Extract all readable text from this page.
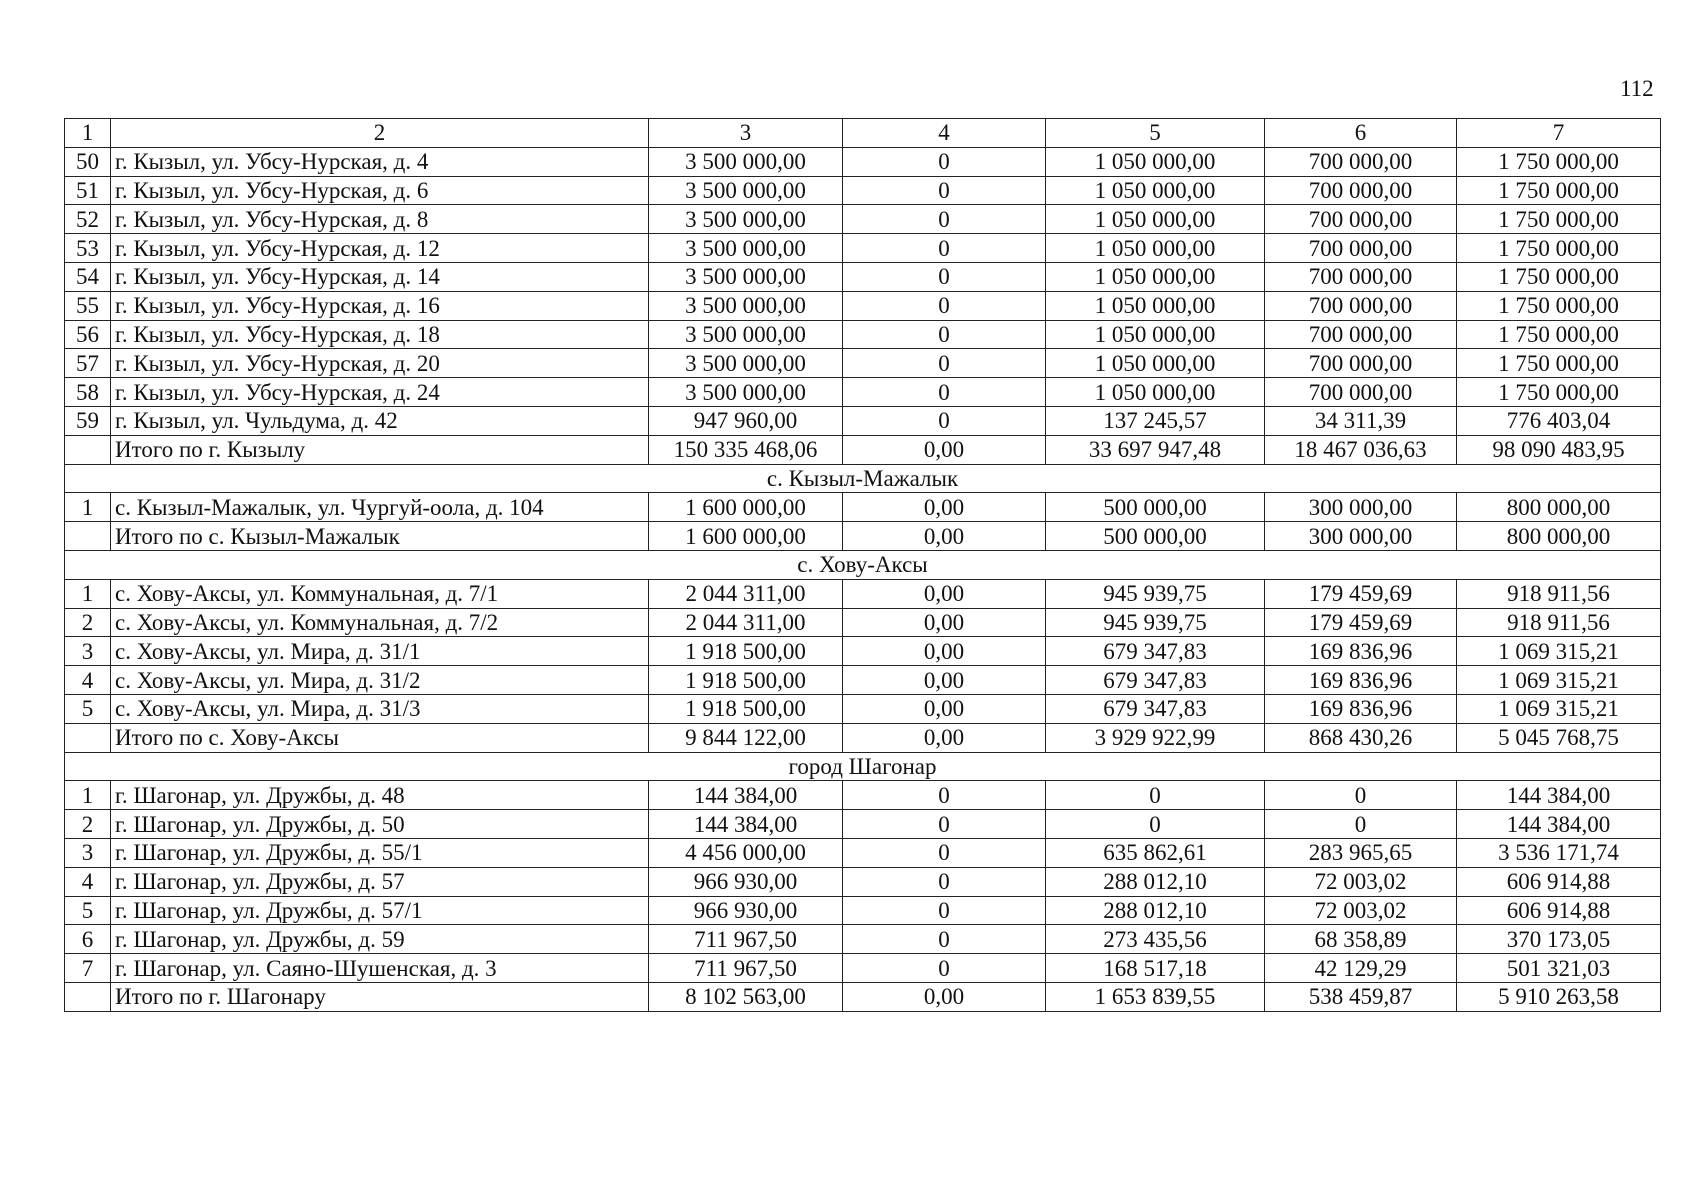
112
1	2	3	4	5	6	7
50	г. Кызыл, ул. Убсу-Нурская, д. 4	3 500 000,00	0	1 050 000,00	700 000,00	1 750 000,00
51	г. Кызыл, ул. Убсу-Нурская, д. 6	3 500 000,00	0	1 050 000,00	700 000,00	1 750 000,00
52	г. Кызыл, ул. Убсу-Нурская, д. 8	3 500 000,00	0	1 050 000,00	700 000,00	1 750 000,00
53	г. Кызыл, ул. Убсу-Нурская, д. 12	3 500 000,00	0	1 050 000,00	700 000,00	1 750 000,00
54	г. Кызыл, ул. Убсу-Нурская, д. 14	3 500 000,00	0	1 050 000,00	700 000,00	1 750 000,00
55	г. Кызыл, ул. Убсу-Нурская, д. 16	3 500 000,00	0	1 050 000,00	700 000,00	1 750 000,00
56	г. Кызыл, ул. Убсу-Нурская, д. 18	3 500 000,00	0	1 050 000,00	700 000,00	1 750 000,00
57	г. Кызыл, ул. Убсу-Нурская, д. 20	3 500 000,00	0	1 050 000,00	700 000,00	1 750 000,00
58	г. Кызыл, ул. Убсу-Нурская, д. 24	3 500 000,00	0	1 050 000,00	700 000,00	1 750 000,00
59	г. Кызыл, ул. Чульдума, д. 42	947 960,00	0	137 245,57	34 311,39	776 403,04
	Итого по г. Кызылу	150 335 468,06	0,00	33 697 947,48	18 467 036,63	98 090 483,95
с. Кызыл-Мажалык						
1	с. Кызыл-Мажалык, ул. Чургуй-оола, д. 104	1 600 000,00	0,00	500 000,00	300 000,00	800 000,00
	Итого по с. Кызыл-Мажалык	1 600 000,00	0,00	500 000,00	300 000,00	800 000,00
с. Хову-Аксы						
1	с. Хову-Аксы, ул. Коммунальная, д. 7/1	2 044 311,00	0,00	945 939,75	179 459,69	918 911,56
2	с. Хову-Аксы, ул. Коммунальная, д. 7/2	2 044 311,00	0,00	945 939,75	179 459,69	918 911,56
3	с. Хову-Аксы, ул. Мира, д. 31/1	1 918 500,00	0,00	679 347,83	169 836,96	1 069 315,21
4	с. Хову-Аксы, ул. Мира, д. 31/2	1 918 500,00	0,00	679 347,83	169 836,96	1 069 315,21
5	с. Хову-Аксы, ул. Мира, д. 31/3	1 918 500,00	0,00	679 347,83	169 836,96	1 069 315,21
	Итого по с. Хову-Аксы	9 844 122,00	0,00	3 929 922,99	868 430,26	5 045 768,75
город Шагонар						
1	г. Шагонар, ул. Дружбы, д. 48	144 384,00	0	0	0	144 384,00
2	г. Шагонар, ул. Дружбы, д. 50	144 384,00	0	0	0	144 384,00
3	г. Шагонар, ул. Дружбы, д. 55/1	4 456 000,00	0	635 862,61	283 965,65	3 536 171,74
4	г. Шагонар, ул. Дружбы, д. 57	966 930,00	0	288 012,10	72 003,02	606 914,88
5	г. Шагонар, ул. Дружбы, д. 57/1	966 930,00	0	288 012,10	72 003,02	606 914,88
6	г. Шагонар, ул. Дружбы, д. 59	711 967,50	0	273 435,56	68 358,89	370 173,05
7	г. Шагонар, ул. Саяно-Шушенская, д. 3	711 967,50	0	168 517,18	42 129,29	501 321,03
	Итого по г. Шагонару	8 102 563,00	0,00	1 653 839,55	538 459,87	5 910 263,58
